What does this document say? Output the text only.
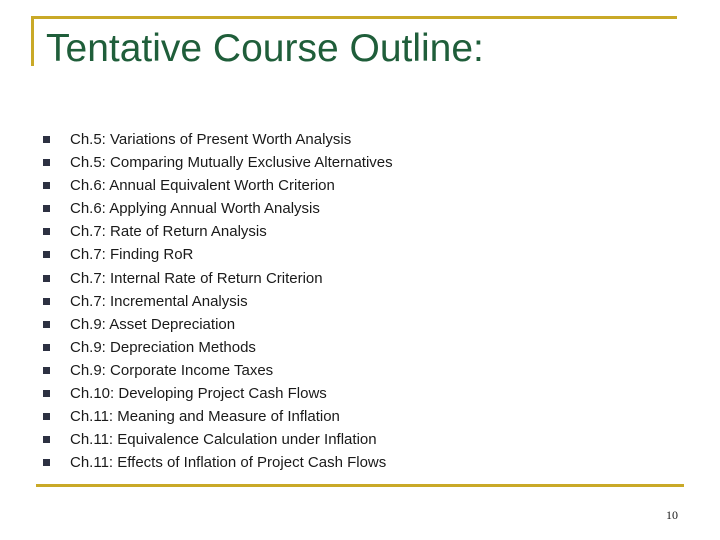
Tentative Course Outline:
Ch.5: Variations of Present Worth Analysis
Ch.5: Comparing Mutually Exclusive Alternatives
Ch.6: Annual Equivalent Worth Criterion
Ch.6: Applying Annual Worth Analysis
Ch.7: Rate of Return Analysis
Ch.7: Finding RoR
Ch.7: Internal Rate of Return Criterion
Ch.7: Incremental Analysis
Ch.9: Asset Depreciation
Ch.9: Depreciation Methods
Ch.9: Corporate Income Taxes
Ch.10: Developing Project Cash Flows
Ch.11: Meaning and Measure of Inflation
Ch.11: Equivalence Calculation under Inflation
Ch.11: Effects of Inflation of Project Cash Flows
10
